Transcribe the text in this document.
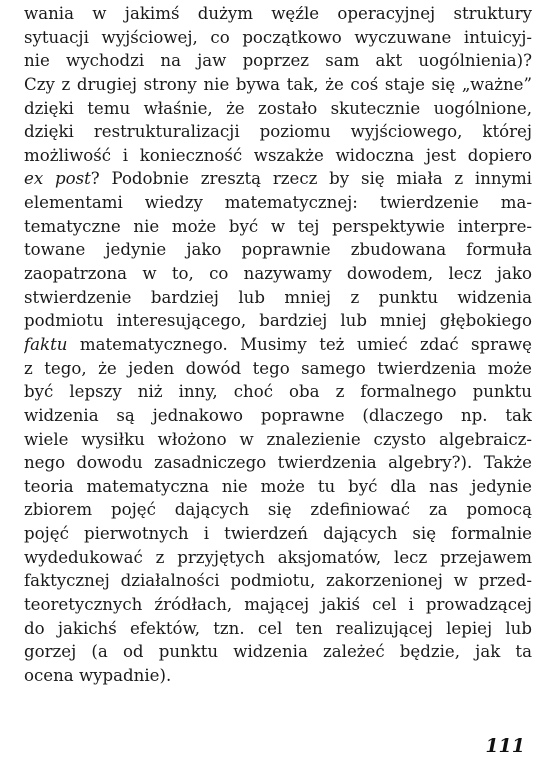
wania w jakimś dużym węźle operacyjnej struktury
sytuacji wyjściowej, co początkowo wyczuwane intuicyj-
nie wychodzi na jaw poprzez sam akt uogólnienia)?
Czy z drugiej strony nie bywa tak, że coś staje się „ważne”
dzięki temu właśnie, że zostało skutecznie uogólnione,
dzięki restrukturalizacji poziomu wyjściowego, której
możliwość i konieczność wszakże widoczna jest dopiero
ex post? Podobnie zresztą rzecz by się miała z innymi
elementami wiedzy matematycznej: twierdzenie ma-
tematyczne nie może być w tej perspektywie interpre-
towane jedynie jako poprawnie zbudowana formuła
zaopatrzona w to, co nazywamy dowodem, lecz jako
stwierdzenie bardziej lub mniej z punktu widzenia
podmiotu interesującego, bardziej lub mniej głębokiego
faktu matematycznego. Musimy też umieć zdać sprawę
z tego, że jeden dowód tego samego twierdzenia może
być lepszy niż inny, choć oba z formalnego punktu
widzenia są jednakowo poprawne (dlaczego np. tak
wiele wysiłku włożono w znalezienie czysto algebraicz-
nego dowodu zasadniczego twierdzenia algebry?). Także
teoria matematyczna nie może tu być dla nas jedynie
zbiorem pojęć dających się zdefiniować za pomocą
pojęć pierwotnych i twierdzeń dających się formalnie
wydedukować z przyjętych aksjomatów, lecz przejawem
faktycznej działalności podmiotu, zakorzenionej w przed-
teoretycznych źródłach, mającej jakiś cel i prowadzącej
do jakichś efektów, tzn. cel ten realizującej lepiej lub
gorzej (a od punktu widzenia zależeć będzie, jak ta
ocena wypadnie).
111
